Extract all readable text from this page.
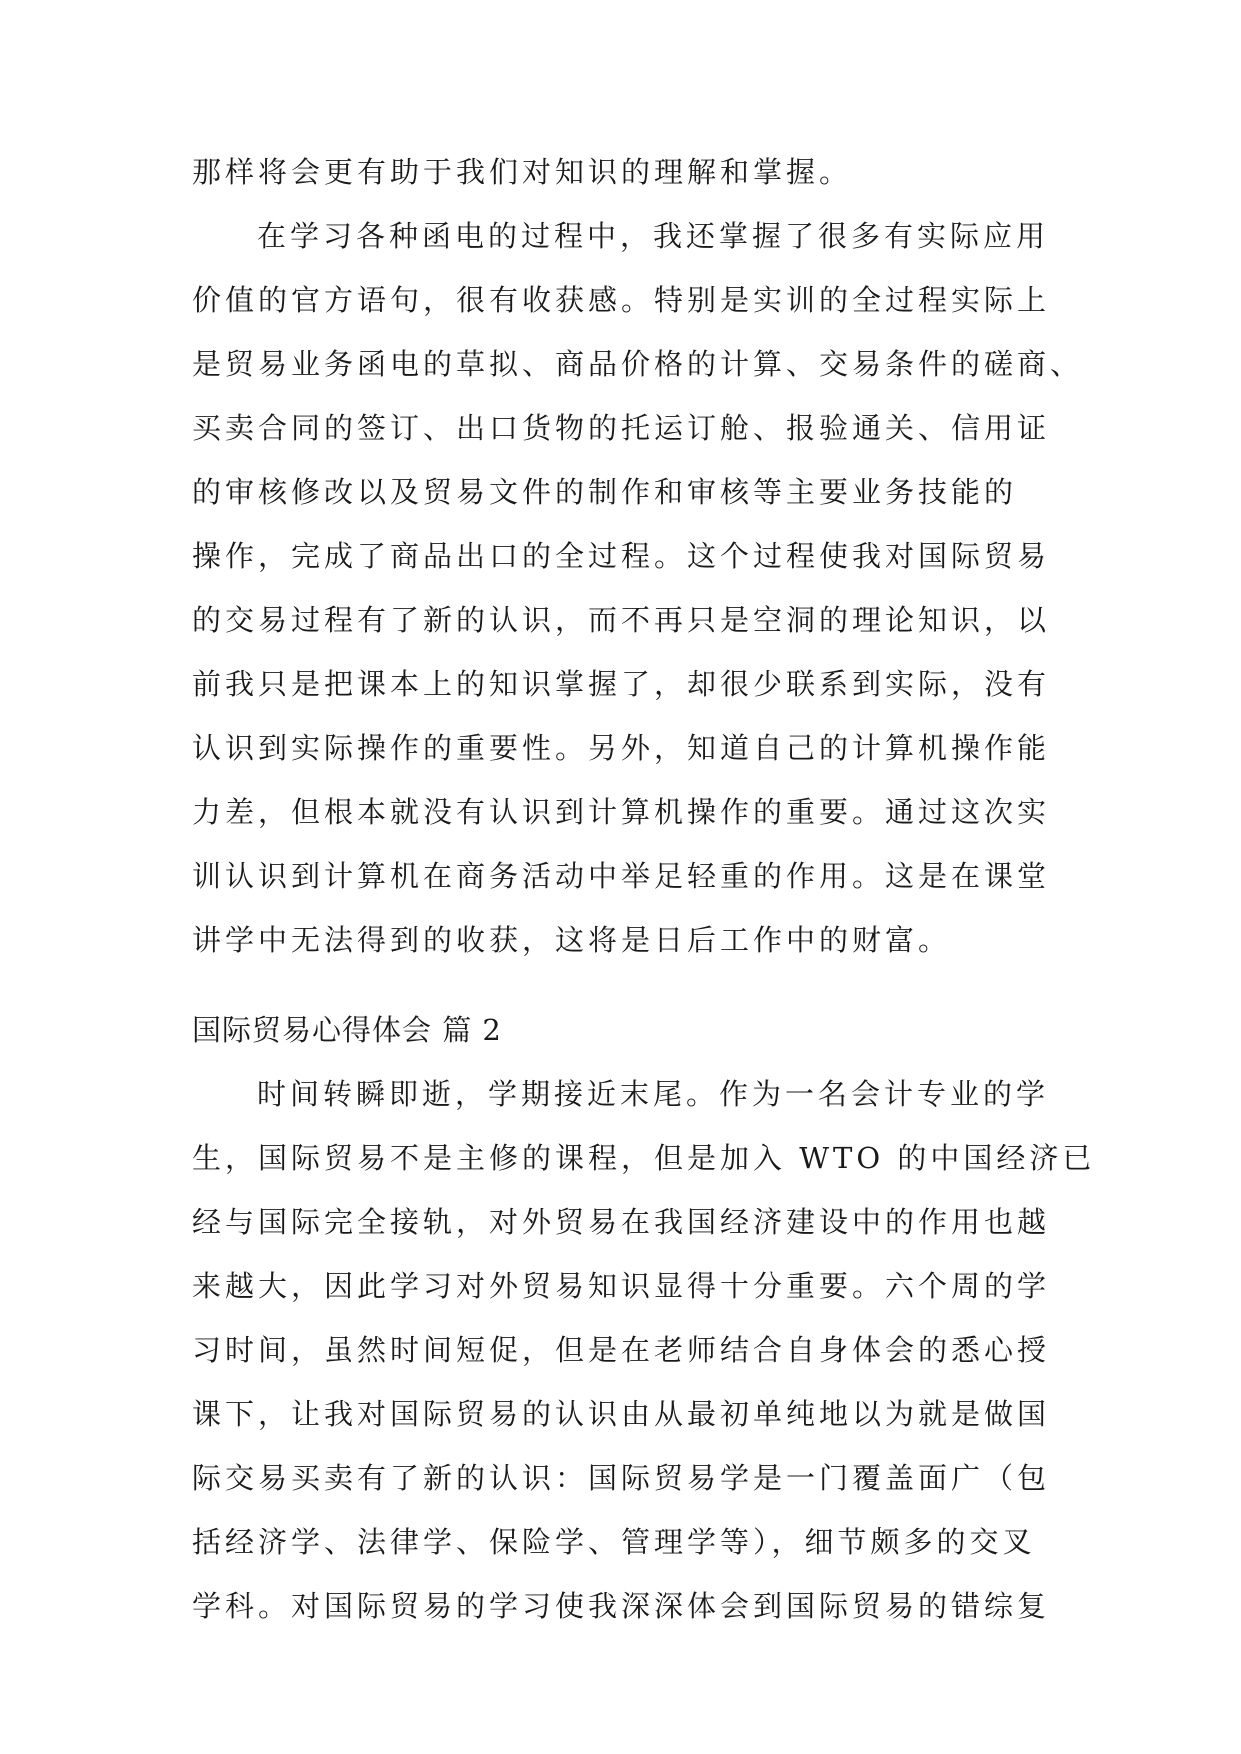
那样将会更有助于我们对知识的理解和掌握。
在学习各种函电的过程中，我还掌握了很多有实际应用
价值的官方语句，很有收获感。特别是实训的全过程实际上
是贸易业务函电的草拟、商品价格的计算、交易条件的磋商、
买卖合同的签订、出口货物的托运订舱、报验通关、信用证
的审核修改以及贸易文件的制作和审核等主要业务技能的
操作，完成了商品出口的全过程。这个过程使我对国际贸易
的交易过程有了新的认识，而不再只是空洞的理论知识，以
前我只是把课本上的知识掌握了，却很少联系到实际，没有
认识到实际操作的重要性。另外，知道自己的计算机操作能
力差，但根本就没有认识到计算机操作的重要。通过这次实
训认识到计算机在商务活动中举足轻重的作用。这是在课堂
讲学中无法得到的收获，这将是日后工作中的财富。
国际贸易心得体会 篇 2
时间转瞬即逝，学期接近末尾。作为一名会计专业的学
生，国际贸易不是主修的课程，但是加入 WTO 的中国经济已
经与国际完全接轨，对外贸易在我国经济建设中的作用也越
来越大，因此学习对外贸易知识显得十分重要。六个周的学
习时间，虽然时间短促，但是在老师结合自身体会的悉心授
课下，让我对国际贸易的认识由从最初单纯地以为就是做国
际交易买卖有了新的认识：国际贸易学是一门覆盖面广（包
括经济学、法律学、保险学、管理学等），细节颇多的交叉
学科。对国际贸易的学习使我深深体会到国际贸易的错综复
